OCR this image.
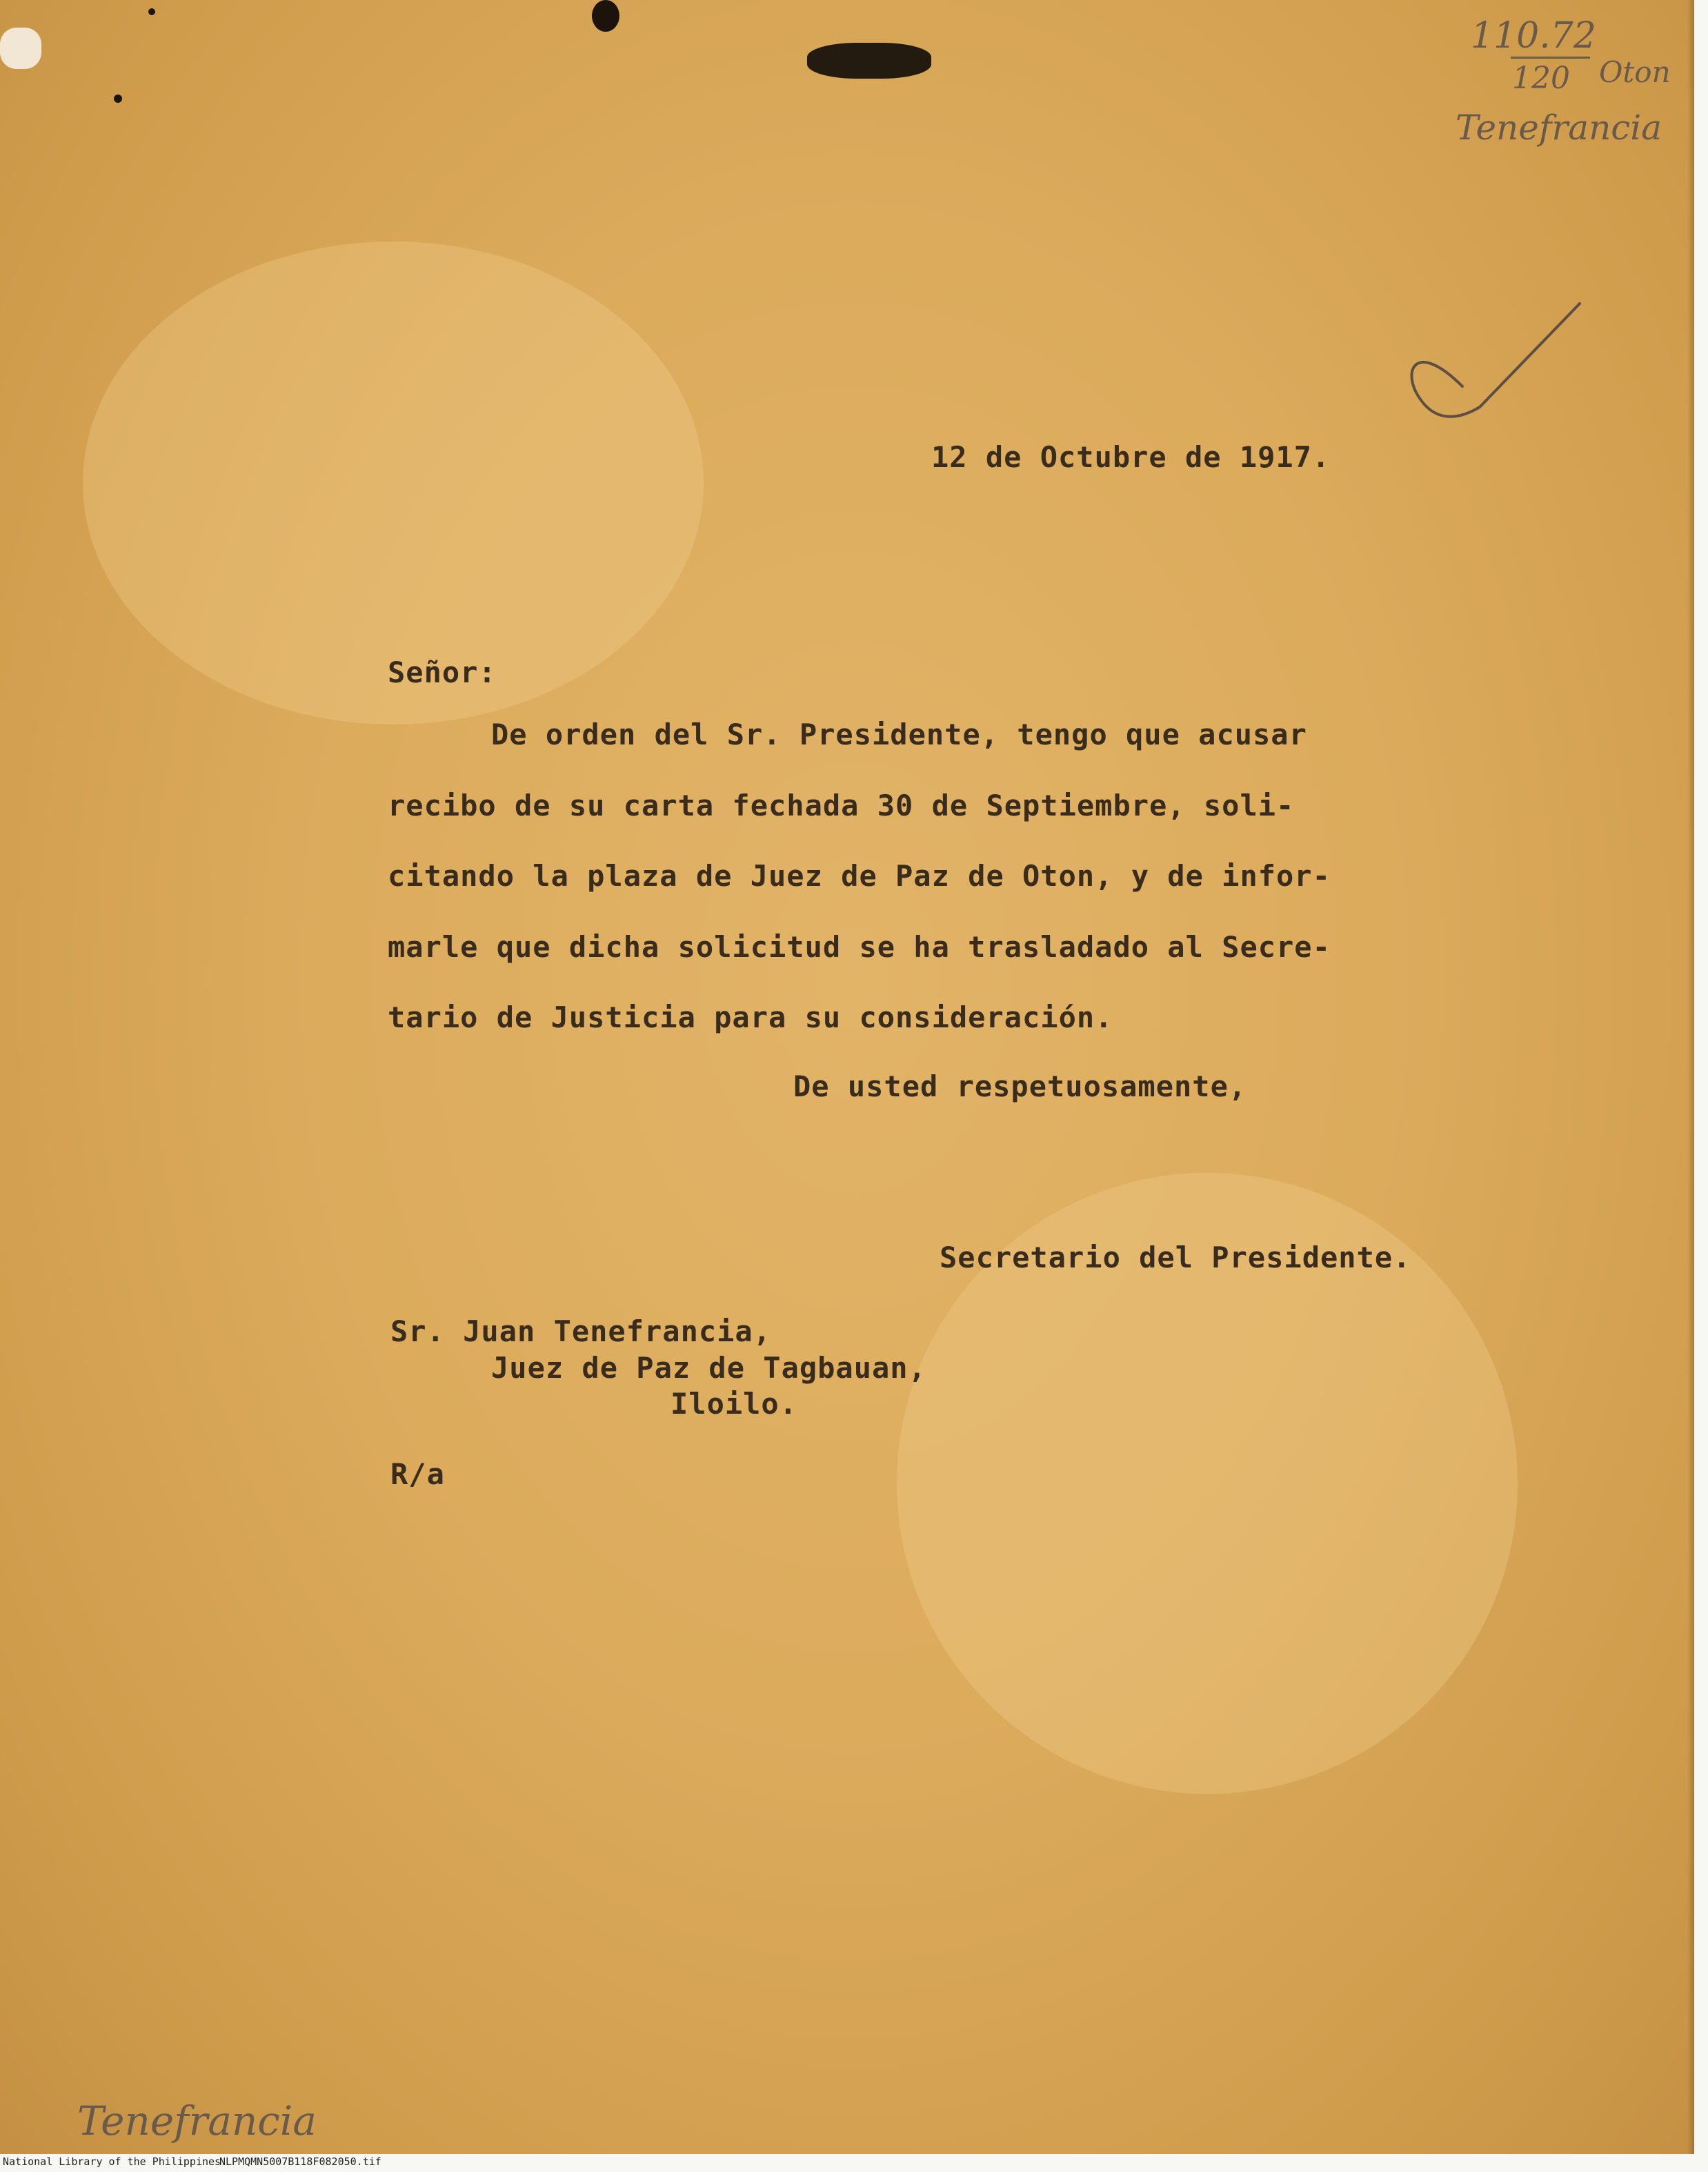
110.72
120 Oton
Tenefrancia
12 de Octubre de 1917.
Señor:
De orden del Sr. Presidente, tengo que acusar
recibo de su carta fechada 30 de Septiembre, soli-
citando la plaza de Juez de Paz de Oton, y de infor-
marle que dicha solicitud se ha trasladado al Secre-
tario de Justicia para su consideración.
De usted respetuosamente,
Secretario del Presidente.
Sr. Juan Tenefrancia,
Juez de Paz de Tagbauan,
Iloilo.
R/a
Tenefrancia
National Library of the Philippines
NLPMQMN5007B118F082050.tif
